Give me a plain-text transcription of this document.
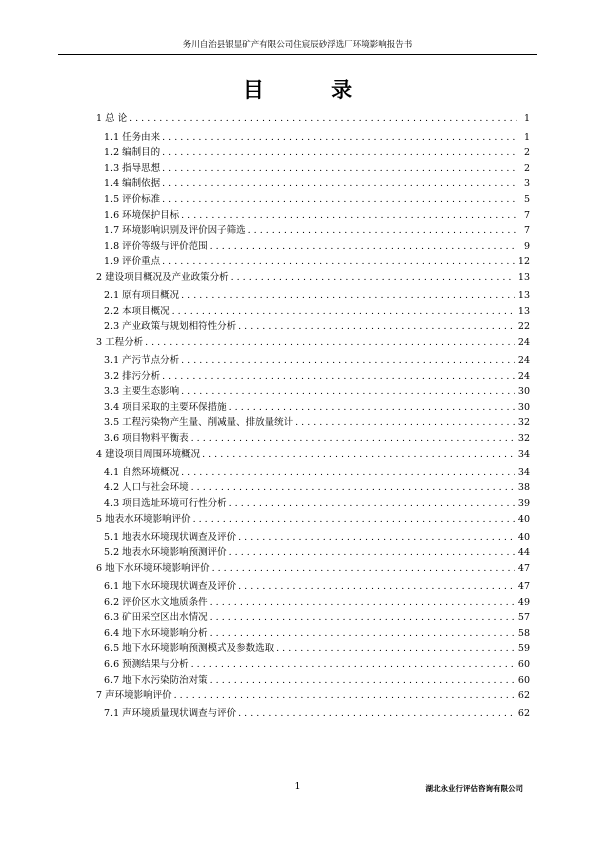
务川自治县银显矿产有限公司住宸辰砂浮选厂环境影响报告书
目 录
1 总 论 . . .	1
1.1 任务由来 . . .	1
1.2 编制目的 . . .	2
1.3 指导思想 . . .	2
1.4 编制依据 . . .	3
1.5 评价标准 . . .	5
1.6 环境保护目标 . . .	7
1.7 环境影响识别及评价因子筛选 . . .	7
1.8 评价等级与评价范围 . . .	9
1.9 评价重点 . . .	12
2 建设项目概况及产业政策分析 . . .	13
2.1 原有项目概况 . . .	13
2.2 本项目概况 . . .	13
2.3 产业政策与规划相符性分析 . . .	22
3 工程分析 . . .	24
3.1 产污节点分析 . . .	24
3.2 排污分析 . . .	24
3.3 主要生态影响 . . .	30
3.4 项目采取的主要环保措施 . . .	30
3.5 工程污染物产生量、削减量、排放量统计 . . .	32
3.6 项目物料平衡表 . . .	32
4 建设项目周围环境概况 . . .	34
4.1 自然环境概况 . . .	34
4.2 人口与社会环境 . . .	38
4.3 项目选址环境可行性分析 . . .	39
5 地表水环境影响评价 . . .	40
5.1 地表水环境现状调查及评价 . . .	40
5.2 地表水环境影响预测评价 . . .	44
6 地下水环境环境影响评价 . . .	47
6.1 地下水环境现状调查及评价 . . .	47
6.2 评价区水文地质条件 . . .	49
6.3 矿田采空区出水情况 . . .	57
6.4 地下水环境影响分析 . . .	58
6.5 地下水环境影响预测模式及参数选取 . . .	59
6.6 预测结果与分析 . . .	60
6.7 地下水污染防治对策 . . .	60
7 声环境影响评价 . . .	62
7.1 声环境质量现状调查与评价 . . .	62
1	湖北永业行评估咨询有限公司
